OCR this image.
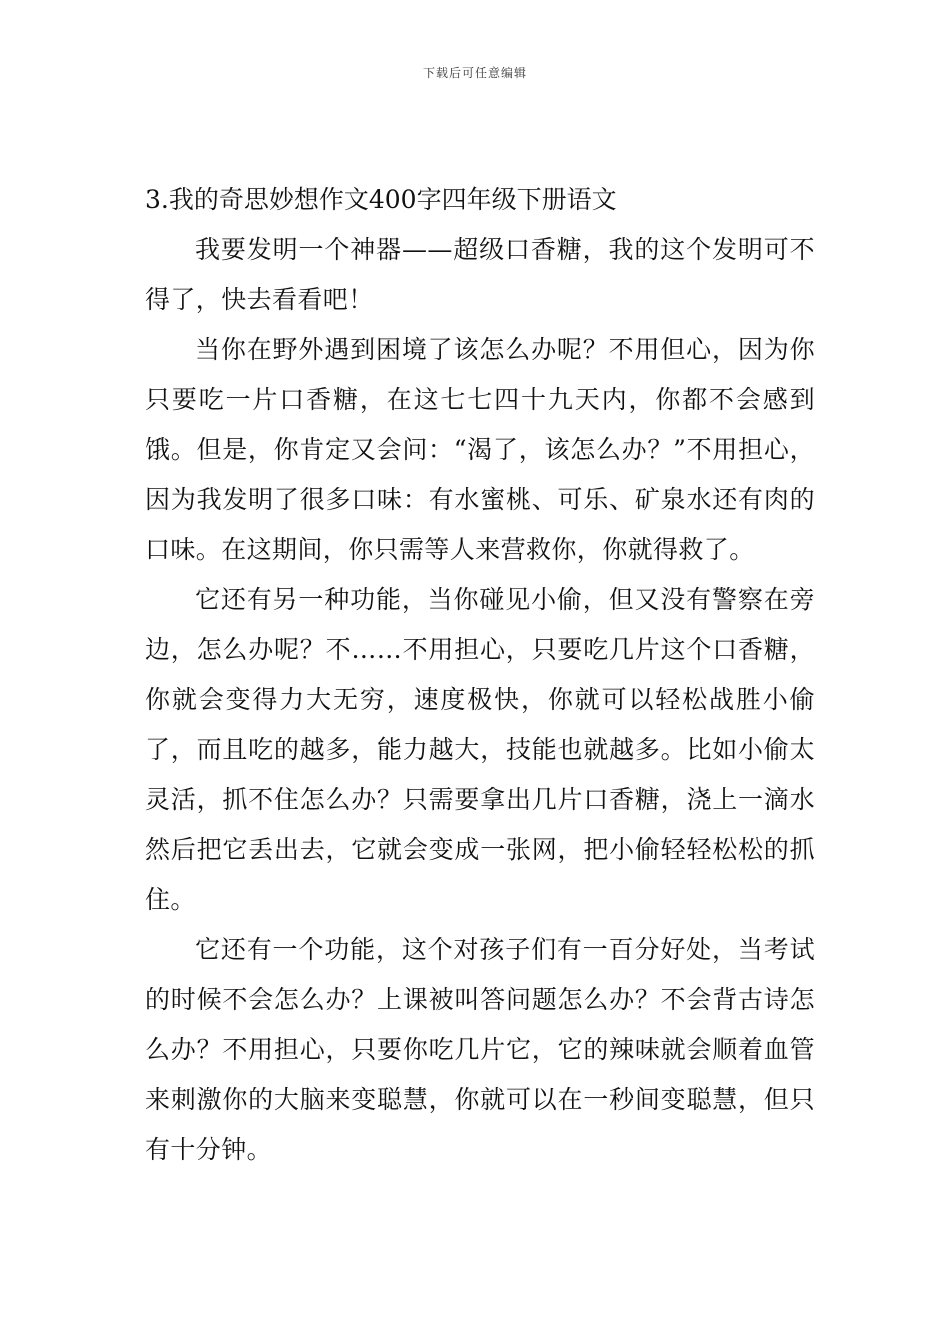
下载后可任意编辑
3.我的奇思妙想作文400字四年级下册语文

我要发明一个神器——超级口香糖，我的这个发明可不得了，快去看看吧！

当你在野外遇到困境了该怎么办呢？不用但心，因为你只要吃一片口香糖，在这七七四十九天内，你都不会感到饿。但是，你肯定又会问：“渴了，该怎么办？”不用担心，因为我发明了很多口味：有水蜜桃、可乐、矿泉水还有肉的口味。在这期间，你只需等人来营救你，你就得救了。

它还有另一种功能，当你碰见小偷，但又没有警察在旁边，怎么办呢？不……不用担心，只要吃几片这个口香糖，你就会变得力大无穷，速度极快，你就可以轻松战胜小偷了，而且吃的越多，能力越大，技能也就越多。比如小偷太灵活，抓不住怎么办？只需要拿出几片口香糖，浇上一滴水然后把它丢出去，它就会变成一张网，把小偷轻轻松松的抓住。

它还有一个功能，这个对孩子们有一百分好处，当考试的时候不会怎么办？上课被叫答问题怎么办？不会背古诗怎么办？不用担心，只要你吃几片它，它的辣味就会顺着血管来刺激你的大脑来变聪慧，你就可以在一秒间变聪慧，但只有十分钟。
